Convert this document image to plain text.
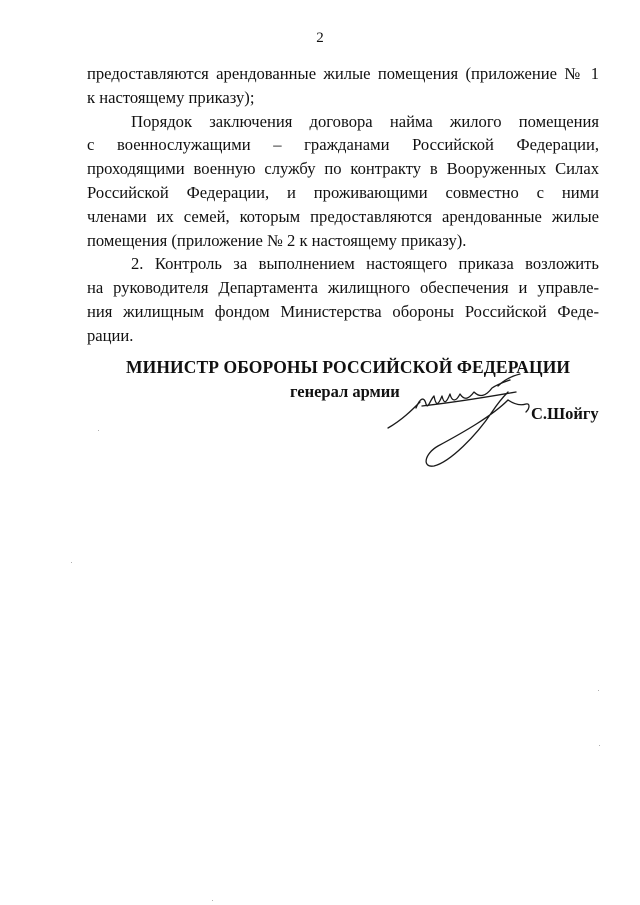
2

предоставляются арендованные жилые помещения (приложение № 1
к настоящему приказу);

Порядок заключения договора найма жилого помещения
с военнослужащими – гражданами Российской Федерации,
проходящими военную службу по контракту в Вооруженных Силах
Российской Федерации, и проживающими совместно с ними
членами их семей, которым предоставляются арендованные жилые
помещения (приложение № 2 к настоящему приказу).

2. Контроль за выполнением настоящего приказа возложить
на руководителя Департамента жилищного обеспечения и управле-
ния жилищным фондом Министерства обороны Российской Феде-
рации.

МИНИСТР ОБОРОНЫ РОССИЙСКОЙ ФЕДЕРАЦИИ
генерал армии
С.Шойгу
